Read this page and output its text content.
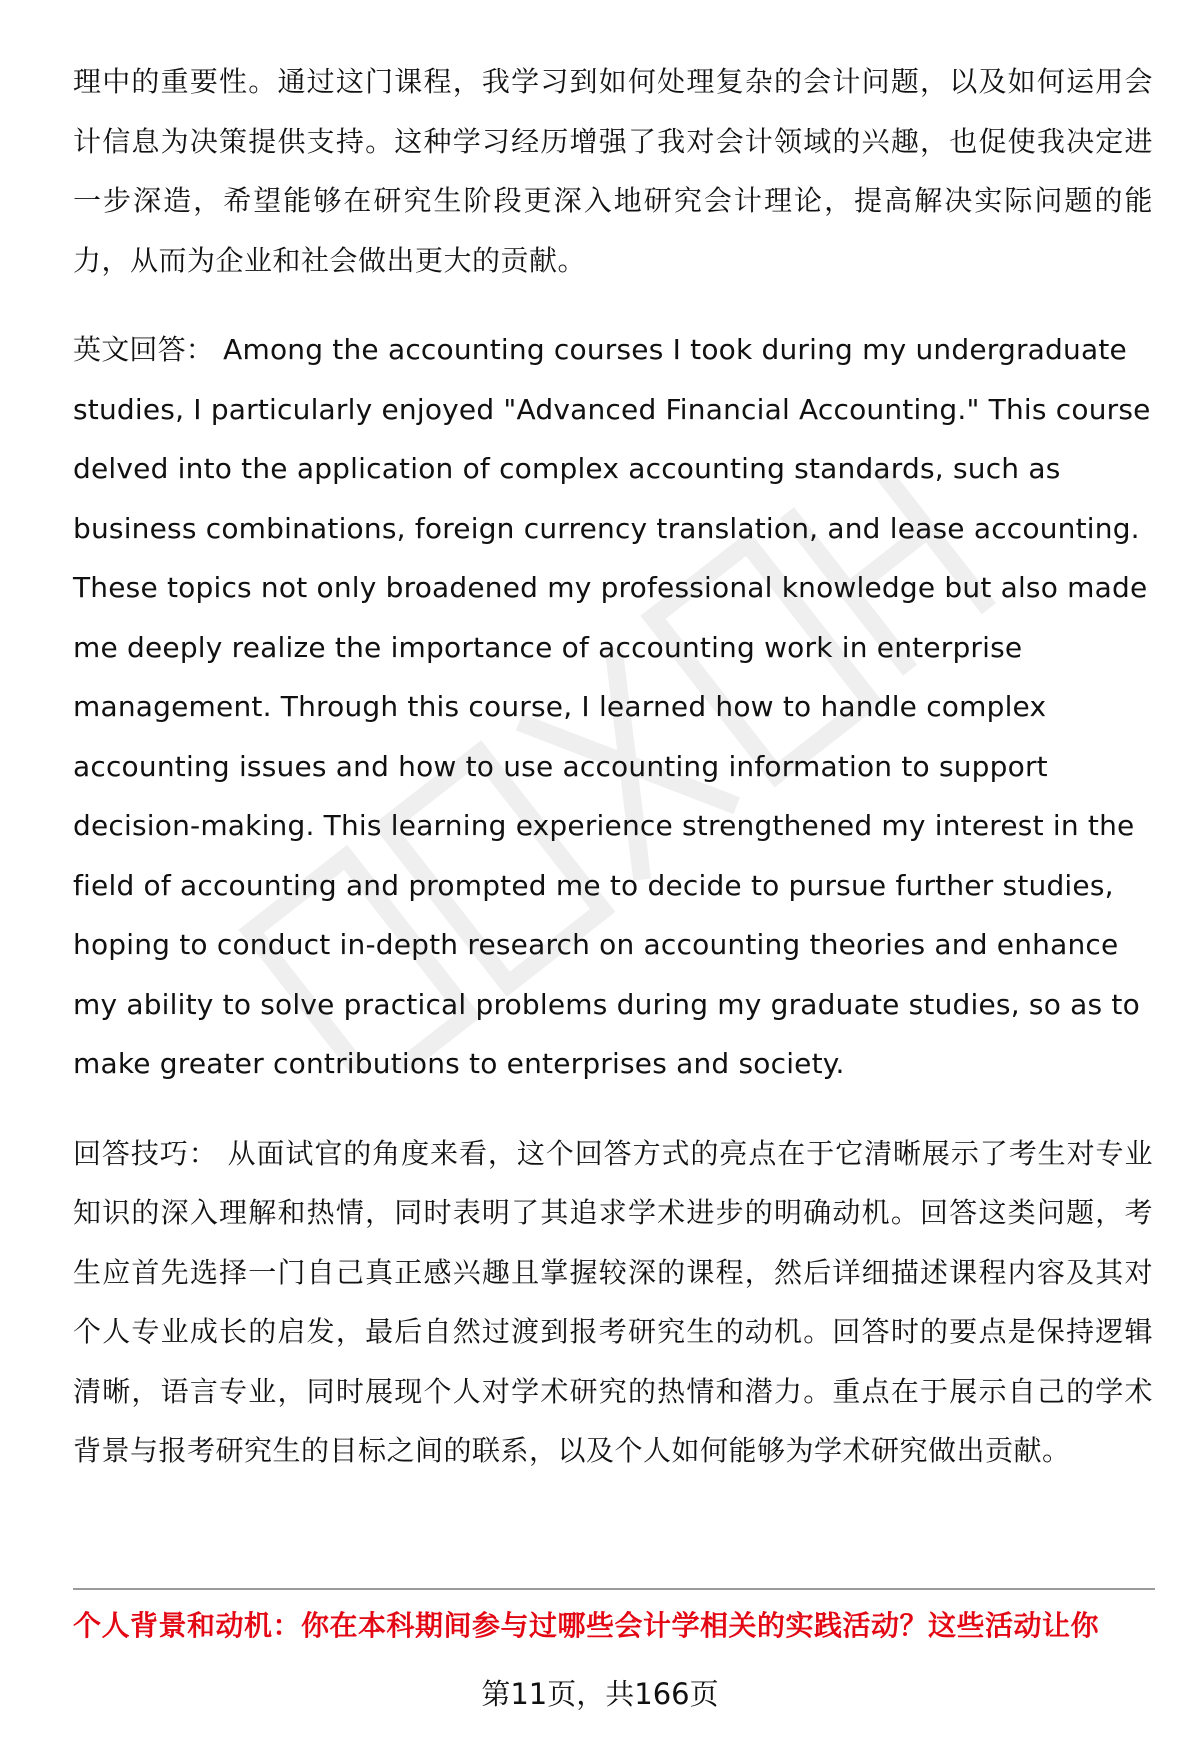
理中的重要性。通过这门课程，我学习到如何处理复杂的会计问题，以及如何运用会计信息为决策提供支持。这种学习经历增强了我对会计领域的兴趣，也促使我决定进一步深造，希望能够在研究生阶段更深入地研究会计理论，提高解决实际问题的能力，从而为企业和社会做出更大的贡献。

英文回答： Among the accounting courses I took during my undergraduate studies, I particularly enjoyed "Advanced Financial Accounting." This course delved into the application of complex accounting standards, such as business combinations, foreign currency translation, and lease accounting. These topics not only broadened my professional knowledge but also made me deeply realize the importance of accounting work in enterprise management. Through this course, I learned how to handle complex accounting issues and how to use accounting information to support decision-making. This learning experience strengthened my interest in the field of accounting and prompted me to decide to pursue further studies, hoping to conduct in-depth research on accounting theories and enhance my ability to solve practical problems during my graduate studies, so as to make greater contributions to enterprises and society.

回答技巧： 从面试官的角度来看，这个回答方式的亮点在于它清晰展示了考生对专业知识的深入理解和热情，同时表明了其追求学术进步的明确动机。回答这类问题，考生应首先选择一门自己真正感兴趣且掌握较深的课程，然后详细描述课程内容及其对个人专业成长的启发，最后自然过渡到报考研究生的动机。回答时的要点是保持逻辑清晰，语言专业，同时展现个人对学术研究的热情和潜力。重点在于展示自己的学术背景与报考研究生的目标之间的联系，以及个人如何能够为学术研究做出贡献。

个人背景和动机：你在本科期间参与过哪些会计学相关的实践活动？这些活动让你
第11页，共166页
